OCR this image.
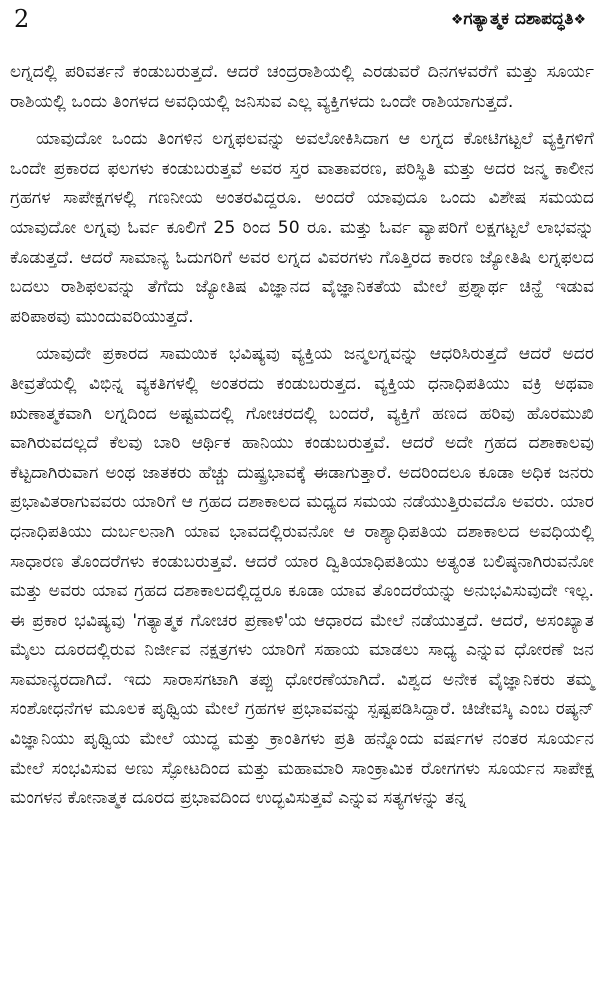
2	❖ಗತ್ಯಾತ್ಮಕ ದಶಾಪದ್ಧತಿ❖

ಲಗ್ನದಲ್ಲಿ ಪರಿವರ್ತನೆ ಕಂಡುಬರುತ್ತದೆ. ಆದರೆ ಚಂದ್ರರಾಶಿಯಲ್ಲಿ ಎರಡುವರೆ ದಿನಗಳವರೆಗೆ ಮತ್ತು ಸೂರ್ಯ ರಾಶಿಯಲ್ಲಿ ಒಂದು ತಿಂಗಳದ ಅವಧಿಯಲ್ಲಿ ಜನಿಸುವ ಎಲ್ಲ ವ್ಯಕ್ತಿಗಳದು ಒಂದೇ ರಾಶಿಯಾಗುತ್ತದೆ.

ಯಾವುದೋ ಒಂದು ತಿಂಗಳಿನ ಲಗ್ನಫಲವನ್ನು ಅವಲೋಕಿಸಿದಾಗ ಆ ಲಗ್ನದ ಕೋಟಿಗಟ್ಟಲೆ ವ್ಯಕ್ತಿಗಳಿಗೆ ಒಂದೇ ಪ್ರಕಾರದ ಫಲಗಳು ಕಂಡುಬರುತ್ತವೆ ಅವರ ಸ್ತರ ವಾತಾವರಣ, ಪರಿಸ್ಥಿತಿ ಮತ್ತು ಅದರ ಜನ್ಮ ಕಾಲೀನ ಗ್ರಹಗಳ ಸಾಪೇಕ್ಷಗಳಲ್ಲಿ ಗಣನೀಯ ಅಂತರವಿದ್ದರೂ. ಅಂದರೆ ಯಾವುದೂ ಒಂದು ವಿಶೇಷ ಸಮಯದ ಯಾವುದೋ ಲಗ್ನವು ಓರ್ವ ಕೂಲಿಗೆ 25 ರಿಂದ 50 ರೂ. ಮತ್ತು ಓರ್ವ ವ್ಯಾಪರಿಗೆ ಲಕ್ಷಗಟ್ಟಲೆ ಲಾಭವನ್ನು ಕೊಡುತ್ತದೆ. ಆದರೆ ಸಾಮಾನ್ಯ ಓದುಗರಿಗೆ ಅವರ ಲಗ್ನದ ವಿವರಗಳು ಗೊತ್ತಿರದ ಕಾರಣ ಜ್ಯೋತಿಷಿ ಲಗ್ನಫಲದ ಬದಲು ರಾಶಿಫಲವನ್ನು ತೆಗೆದು ಜ್ಯೋತಿಷ ವಿಜ್ಞಾನದ ವೈಜ್ಞಾನಿಕತೆಯ ಮೇಲೆ ಪ್ರಶ್ನಾರ್ಥ ಚಿನ್ಹೆ ಇಡುವ ಪರಿಪಾಠವು ಮುಂದುವರಿಯುತ್ತದೆ.

ಯಾವುದೇ ಪ್ರಕಾರದ ಸಾಮಯಿಕ ಭವಿಷ್ಯವು ವ್ಯಕ್ತಿಯ ಜನ್ಮಲಗ್ನವನ್ನು ಆಧರಿಸಿರುತ್ತದೆ ಆದರೆ ಅದರ ತೀವ್ರತೆಯಲ್ಲಿ ವಿಭಿನ್ನ ವ್ಯಕತಿಗಳಲ್ಲಿ ಅಂತರದು ಕಂಡುಬರುತ್ತದ. ವ್ಯಕ್ತಿಯ ಧನಾಧಿಪತಿಯು ವಕ್ರಿ ಅಥವಾ ಋಣಾತ್ಮಕವಾಗಿ ಲಗ್ನದಿಂದ ಅಷ್ಟಮದಲ್ಲಿ ಗೋಚರದಲ್ಲಿ ಬಂದರೆ, ವ್ಯಕ್ತಿಗೆ ಹಣದ ಹರಿವು ಹೊರಮುಖಿ ವಾಗಿರುವದಲ್ಲದೆ ಕೆಲವು ಬಾರಿ ಆರ್ಥಿಕ ಹಾನಿಯು ಕಂಡುಬರುತ್ತವೆ. ಆದರೆ ಅದೇ ಗ್ರಹದ ದಶಾಕಾಲವು ಕೆಟ್ಟದಾಗಿರುವಾಗ ಅಂಥ ಜಾತಕರು ಹೆಚ್ಚು ದುಷ್ಪ್ರಭಾವಕ್ಕೆ ಈಡಾಗುತ್ತಾರೆ. ಅದರಿಂದಲೂ ಕೂಡಾ ಅಧಿಕ ಜನರು ಪ್ರಭಾವಿತರಾಗುವವರು ಯಾರಿಗೆ ಆ ಗ್ರಹದ ದಶಾಕಾಲದ ಮಧ್ಯದ ಸಮಯ ನಡೆಯುತ್ತಿರುವದೊ ಅವರು. ಯಾರ ಧನಾಧಿಪತಿಯು ದುರ್ಬಲನಾಗಿ ಯಾವ ಭಾವದಲ್ಲಿರುವನೋ ಆ ರಾಶ್ಯಾಧಿಪತಿಯ ದಶಾಕಾಲದ ಅವಧಿಯಲ್ಲಿ ಸಾಧಾರಣ ತೊಂದರೆಗಳು ಕಂಡುಬರುತ್ತವೆ. ಆದರೆ ಯಾರ ದ್ವಿತಿಯಾಧಿಪತಿಯು ಅತ್ಯಂತ ಬಲಿಷ್ಠನಾಗಿರುವನೋ ಮತ್ತು ಅವರು ಯಾವ ಗ್ರಹದ ದಶಾಕಾಲದಲ್ಲಿದ್ದರೂ ಕೂಡಾ ಯಾವ ತೊಂದರೆಯನ್ನು ಅನುಭವಿಸುವುದೇ ಇಲ್ಲ. ಈ ಪ್ರಕಾರ ಭವಿಷ್ಯವು 'ಗತ್ಯಾತ್ಮಕ ಗೋಚರ ಪ್ರಣಾಳಿ'ಯ ಆಧಾರದ ಮೇಲೆ ನಡೆಯುತ್ತದೆ. ಆದರೆ, ಅಸಂಖ್ಯಾತ ಮೈಲು ದೂರದಲ್ಲಿರುವ ನಿರ್ಜೀವ ನಕ್ಷತ್ರಗಳು ಯಾರಿಗೆ ಸಹಾಯ ಮಾಡಲು ಸಾಧ್ಯ ಎನ್ನುವ ಧೋರಣೆ ಜನ ಸಾಮಾನ್ಯರದಾಗಿದೆ. ಇದು ಸಾರಾಸಗಟಾಗಿ ತಪ್ಪು ಧೋರಣೆಯಾಗಿದೆ. ವಿಶ್ವದ ಅನೇಕ ವೈಜ್ಞಾನಿಕರು ತಮ್ಮ ಸಂಶೋಧನೆಗಳ ಮೂಲಕ ಪೃಥ್ವಿಯ ಮೇಲೆ ಗ್ರಹಗಳ ಪ್ರಭಾವವನ್ನು ಸ್ಪಷ್ಟಪಡಿಸಿದ್ದಾರೆ. ಚಿಜೇವಸ್ಕಿ ಎಂಬ ರಷ್ಯನ್ ವಿಜ್ಞಾನಿಯು ಪೃಥ್ವಿಯ ಮೇಲೆ ಯುದ್ಧ ಮತ್ತು ಕ್ರಾಂತಿಗಳು ಪ್ರತಿ ಹನ್ನೊಂದು ವರ್ಷಗಳ ನಂತರ ಸೂರ್ಯನ ಮೇಲೆ ಸಂಭವಿಸುವ ಅಣು ಸ್ಫೋಟದಿಂದ ಮತ್ತು ಮಹಾಮಾರಿ ಸಾಂಕ್ರಾಮಿಕ ರೋಗಗಳು ಸೂರ್ಯನ ಸಾಪೇಕ್ಷ ಮಂಗಳನ ಕೋನಾತ್ಮಕ ದೂರದ ಪ್ರಭಾವದಿಂದ ಉದ್ಭವಿಸುತ್ತವೆ ಎನ್ನುವ ಸತ್ಯಗಳನ್ನು ತನ್ನ
